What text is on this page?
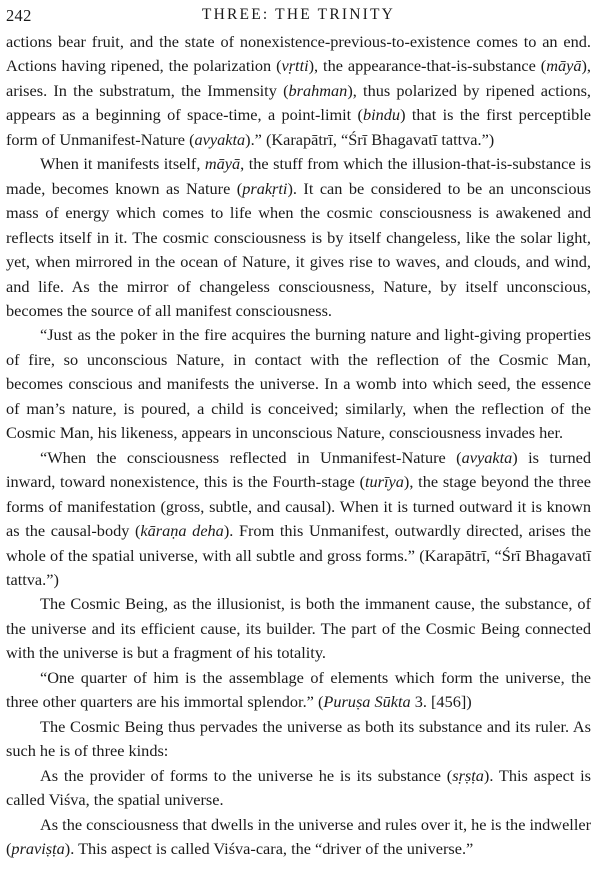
242	THREE: THE TRINITY

actions bear fruit, and the state of nonexistence-previous-to-existence comes to an end. Actions having ripened, the polarization (vṛtti), the appearance-that-is-substance (māyā), arises. In the substratum, the Immensity (brahman), thus polarized by ripened actions, appears as a beginning of space-time, a point-limit (bindu) that is the first perceptible form of Unmanifest-Nature (avyakta).” (Karapātrī, “Śrī Bhagavatī tattva.”)

When it manifests itself, māyā, the stuff from which the illusion-that-is-substance is made, becomes known as Nature (prakṛti). It can be considered to be an unconscious mass of energy which comes to life when the cosmic consciousness is awakened and reflects itself in it. The cosmic consciousness is by itself changeless, like the solar light, yet, when mirrored in the ocean of Nature, it gives rise to waves, and clouds, and wind, and life. As the mirror of changeless consciousness, Nature, by itself unconscious, becomes the source of all manifest consciousness.

“Just as the poker in the fire acquires the burning nature and light-giving properties of fire, so unconscious Nature, in contact with the reflection of the Cosmic Man, becomes conscious and manifests the universe. In a womb into which seed, the essence of man’s nature, is poured, a child is conceived; similarly, when the reflection of the Cosmic Man, his likeness, appears in unconscious Nature, consciousness invades her.

“When the consciousness reflected in Unmanifest-Nature (avyakta) is turned inward, toward nonexistence, this is the Fourth-stage (turīya), the stage beyond the three forms of manifestation (gross, subtle, and causal). When it is turned outward it is known as the causal-body (kāraṇa deha). From this Unmanifest, outwardly directed, arises the whole of the spatial universe, with all subtle and gross forms.” (Karapātrī, “Śrī Bhagavatī tattva.”)

The Cosmic Being, as the illusionist, is both the immanent cause, the substance, of the universe and its efficient cause, its builder. The part of the Cosmic Being connected with the universe is but a fragment of his totality.

“One quarter of him is the assemblage of elements which form the universe, the three other quarters are his immortal splendor.” (Puruṣa Sūkta 3. [456])

The Cosmic Being thus pervades the universe as both its substance and its ruler. As such he is of three kinds:

As the provider of forms to the universe he is its substance (sṛṣṭa). This aspect is called Viśva, the spatial universe.

As the consciousness that dwells in the universe and rules over it, he is the indweller (praviṣṭa). This aspect is called Viśva-cara, the “driver of the universe.”
